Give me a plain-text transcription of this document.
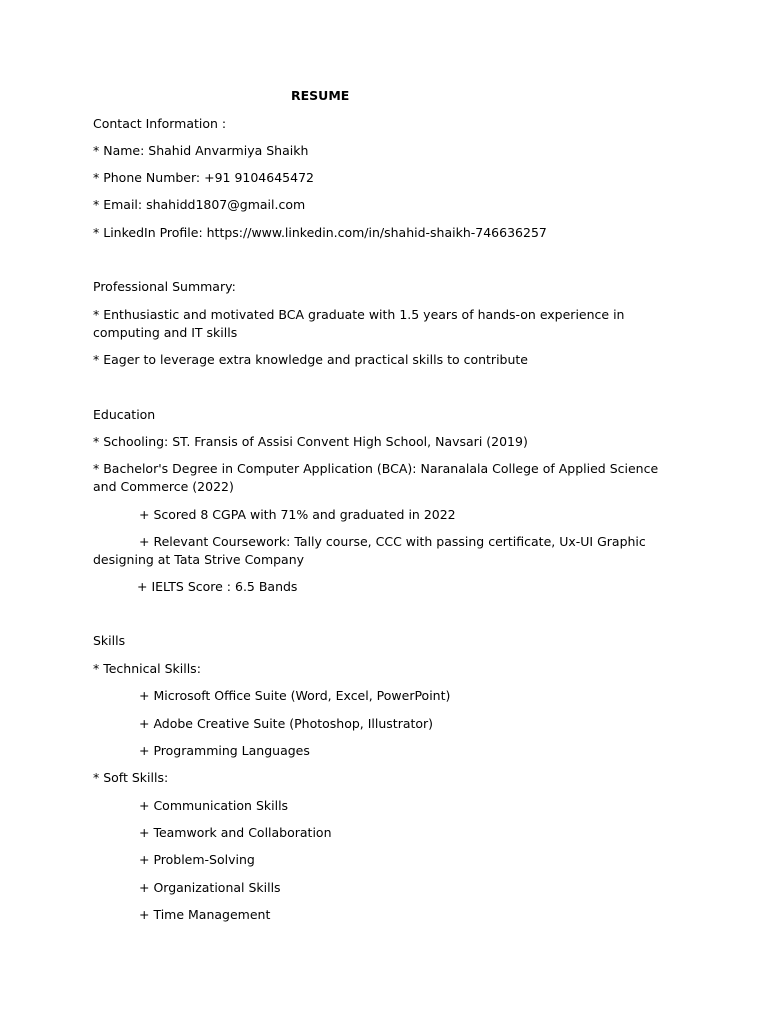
RESUME
Contact Information :
* Name: Shahid Anvarmiya Shaikh
* Phone Number: +91 9104645472
* Email: shahidd1807@gmail.com
* LinkedIn Profile: https://www.linkedin.com/in/shahid-shaikh-746636257
Professional Summary:
* Enthusiastic and motivated BCA graduate with 1.5 years of hands-on experience in computing and IT skills
* Eager to leverage extra knowledge and practical skills to contribute
Education
* Schooling: ST. Fransis of Assisi Convent High School, Navsari (2019)
* Bachelor's Degree in Computer Application (BCA): Naranalala College of Applied Science and Commerce (2022)
+ Scored 8 CGPA with 71% and graduated in 2022
+ Relevant Coursework: Tally course, CCC with passing certificate, Ux-UI Graphic designing at Tata Strive Company
+ IELTS Score : 6.5 Bands
Skills
* Technical Skills:
+ Microsoft Office Suite (Word, Excel, PowerPoint)
+ Adobe Creative Suite (Photoshop, Illustrator)
+ Programming Languages
* Soft Skills:
+ Communication Skills
+ Teamwork and Collaboration
+ Problem-Solving
+ Organizational Skills
+ Time Management
